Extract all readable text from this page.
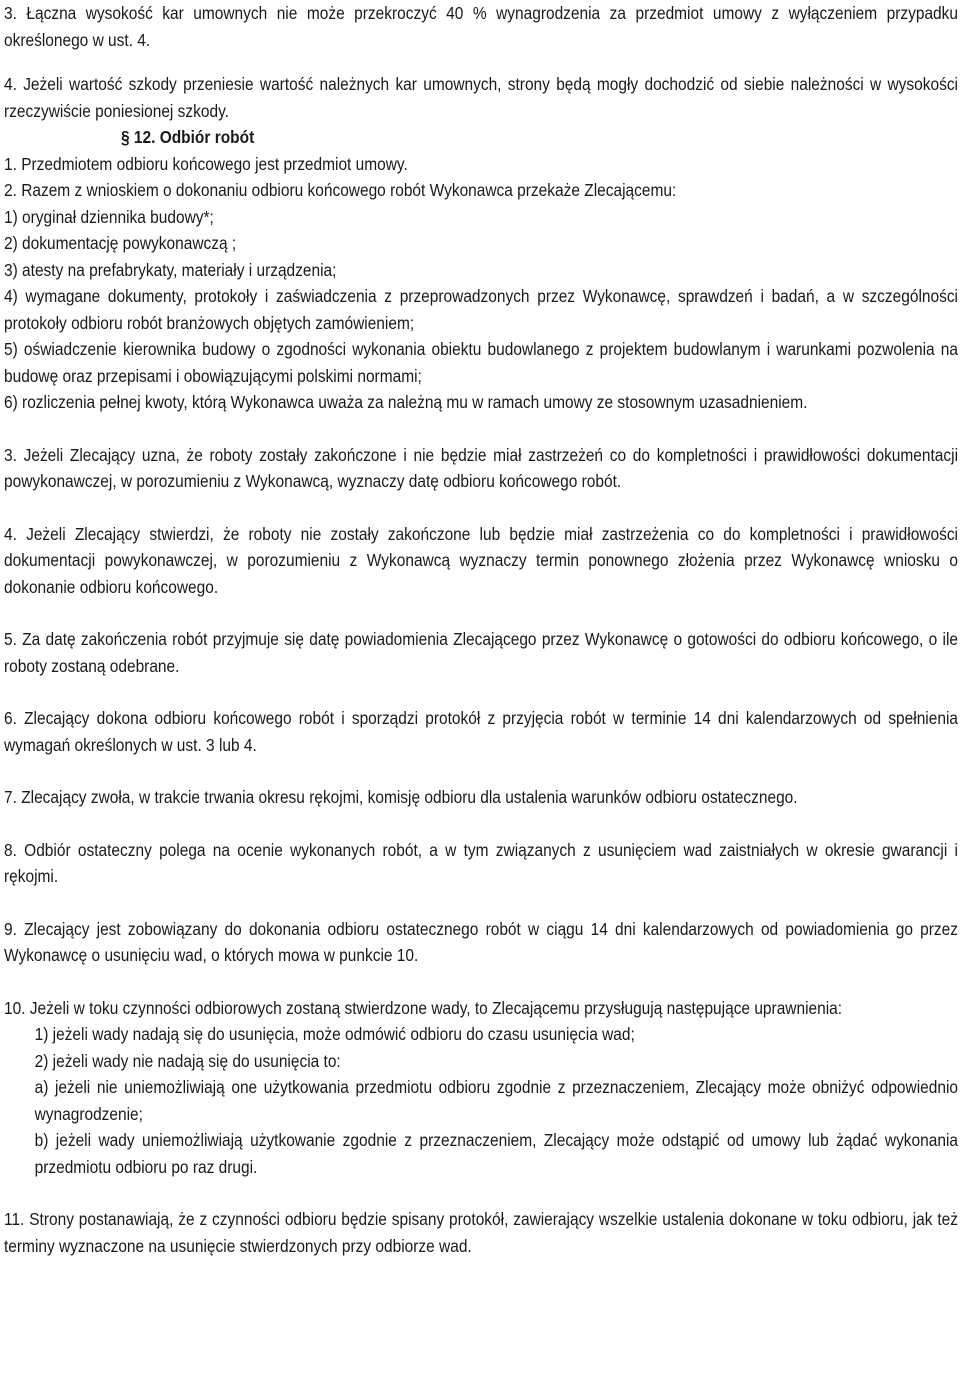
3. Łączna wysokość kar umownych nie może przekroczyć 40 % wynagrodzenia za przedmiot umowy z wyłączeniem przypadku określonego w ust. 4.

4. Jeżeli wartość szkody przeniesie wartość należnych kar umownych, strony będą mogły dochodzić od siebie należności w wysokości rzeczywiście poniesionej szkody.

§ 12. Odbiór robót

1. Przedmiotem odbioru końcowego jest przedmiot umowy.

2. Razem z wnioskiem o dokonaniu odbioru końcowego robót Wykonawca przekaże Zlecającemu:

1) oryginał dziennika budowy*;

2) dokumentację powykonawczą ;

3) atesty na prefabrykaty, materiały i urządzenia;

4) wymagane dokumenty, protokoły i zaświadczenia z przeprowadzonych przez Wykonawcę, sprawdzeń i badań, a w szczególności protokoły odbioru robót branżowych objętych zamówieniem;

5) oświadczenie kierownika budowy o zgodności wykonania obiektu budowlanego z projektem budowlanym i warunkami pozwolenia na budowę oraz przepisami i obowiązującymi polskimi normami;

6) rozliczenia pełnej kwoty, którą Wykonawca uważa za należną mu w ramach umowy ze stosownym uzasadnieniem.

3. Jeżeli Zlecający uzna, że roboty zostały zakończone i nie będzie miał zastrzeżeń co do kompletności i prawidłowości dokumentacji powykonawczej, w porozumieniu z Wykonawcą, wyznaczy datę odbioru końcowego robót.

4. Jeżeli Zlecający stwierdzi, że roboty nie zostały zakończone lub będzie miał zastrzeżenia co do kompletności i prawidłowości dokumentacji powykonawczej, w porozumieniu z Wykonawcą wyznaczy termin ponownego złożenia przez Wykonawcę wniosku o dokonanie odbioru końcowego.

5. Za datę zakończenia robót przyjmuje się datę powiadomienia Zlecającego przez Wykonawcę o gotowości do odbioru końcowego, o ile roboty zostaną odebrane.

6. Zlecający dokona odbioru końcowego robót i sporządzi protokół z przyjęcia robót w terminie 14 dni kalendarzowych od spełnienia wymagań określonych w ust. 3 lub 4.

7. Zlecający zwoła, w trakcie trwania okresu rękojmi, komisję odbioru dla ustalenia warunków odbioru ostatecznego.

8. Odbiór ostateczny polega na ocenie wykonanych robót, a w tym związanych z usunięciem wad zaistniałych w okresie gwarancji i rękojmi.

9. Zlecający jest zobowiązany do dokonania odbioru ostatecznego robót w ciągu 14 dni kalendarzowych od powiadomienia go przez Wykonawcę o usunięciu wad, o których mowa w punkcie 10.

10. Jeżeli w toku czynności odbiorowych zostaną stwierdzone wady, to Zlecającemu przysługują następujące uprawnienia:

1) jeżeli wady nadają się do usunięcia, może odmówić odbioru do czasu usunięcia wad;

2) jeżeli wady nie nadają się do usunięcia to:

a) jeżeli nie uniemożliwiają one użytkowania przedmiotu odbioru zgodnie z przeznaczeniem, Zlecający może obniżyć odpowiednio wynagrodzenie;

b) jeżeli wady uniemożliwiają użytkowanie zgodnie z przeznaczeniem, Zlecający może odstąpić od umowy lub żądać wykonania przedmiotu odbioru po raz drugi.

11. Strony postanawiają, że z czynności odbioru będzie spisany protokół, zawierający wszelkie ustalenia dokonane w toku odbioru, jak też terminy wyznaczone na usunięcie stwierdzonych przy odbiorze wad.
